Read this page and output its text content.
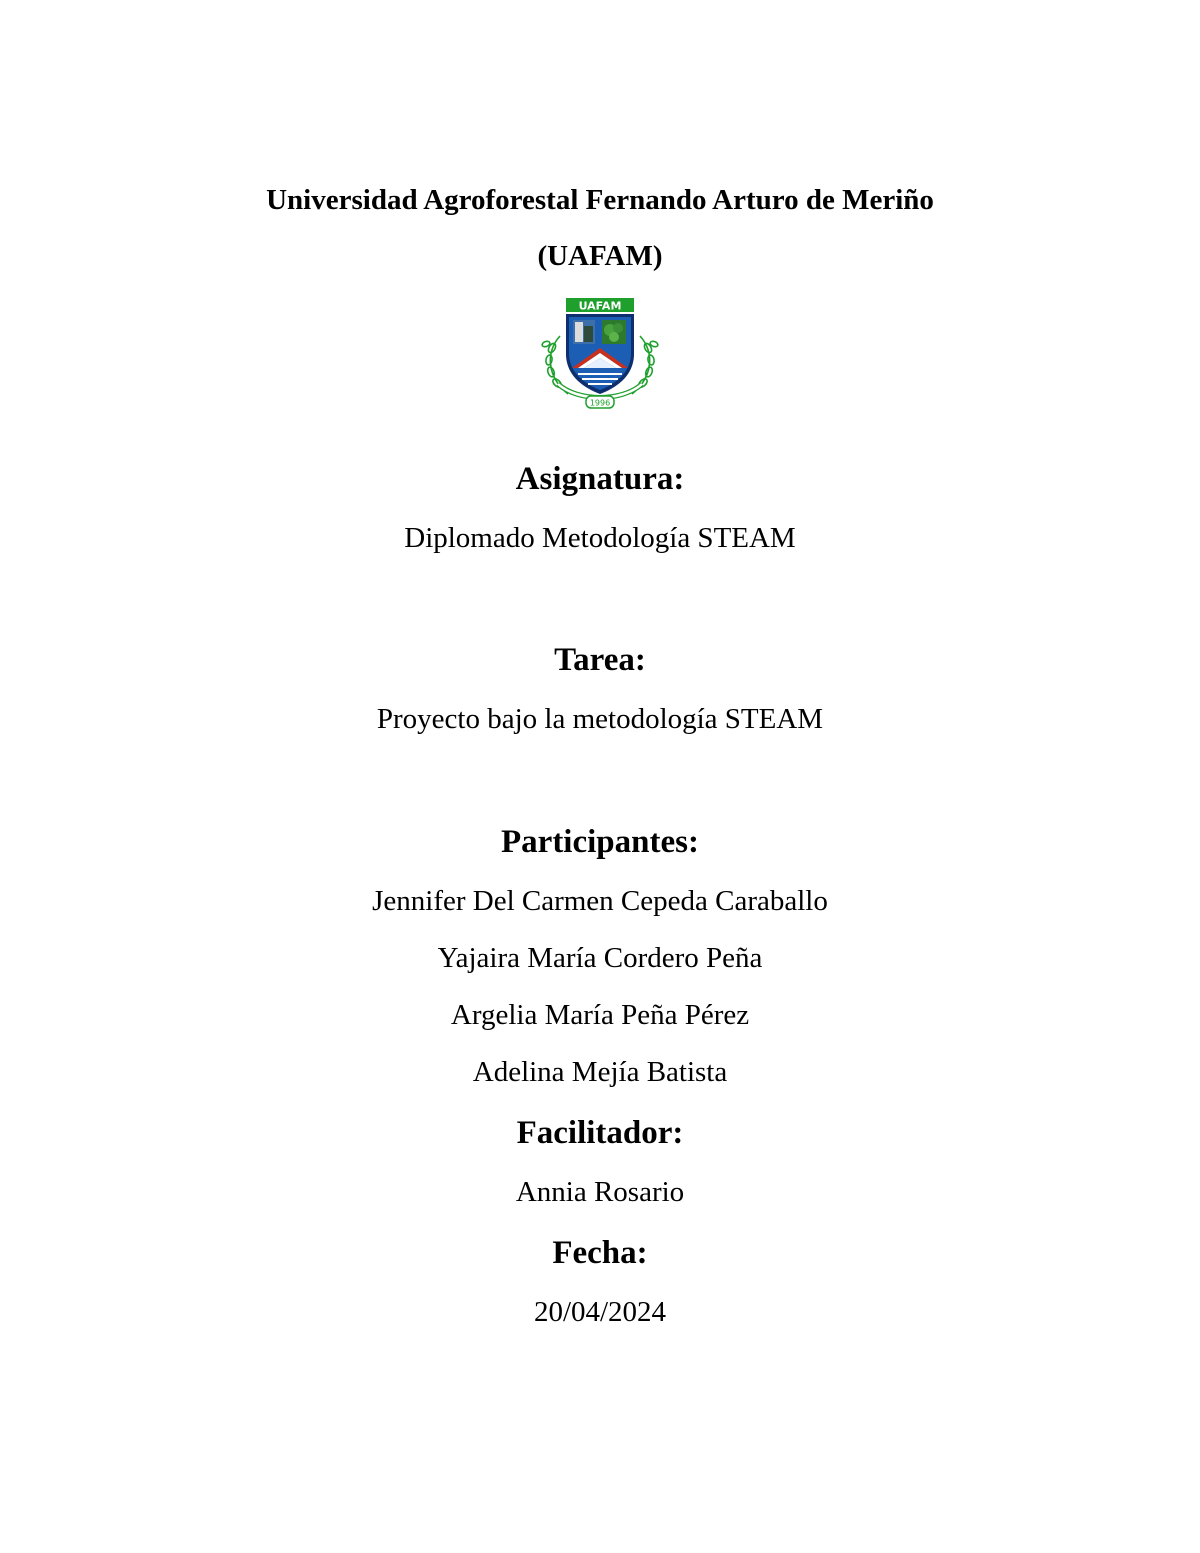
Universidad Agroforestal Fernando Arturo de Meriño
(UAFAM)
1996
UAFAM
Asignatura:
Diplomado Metodología STEAM
Tarea:
Proyecto bajo la metodología STEAM
Participantes:
Jennifer Del Carmen Cepeda Caraballo
Yajaira María Cordero Peña
Argelia María Peña Pérez
Adelina Mejía Batista
Facilitador:
Annia Rosario
Fecha:
20/04/2024
